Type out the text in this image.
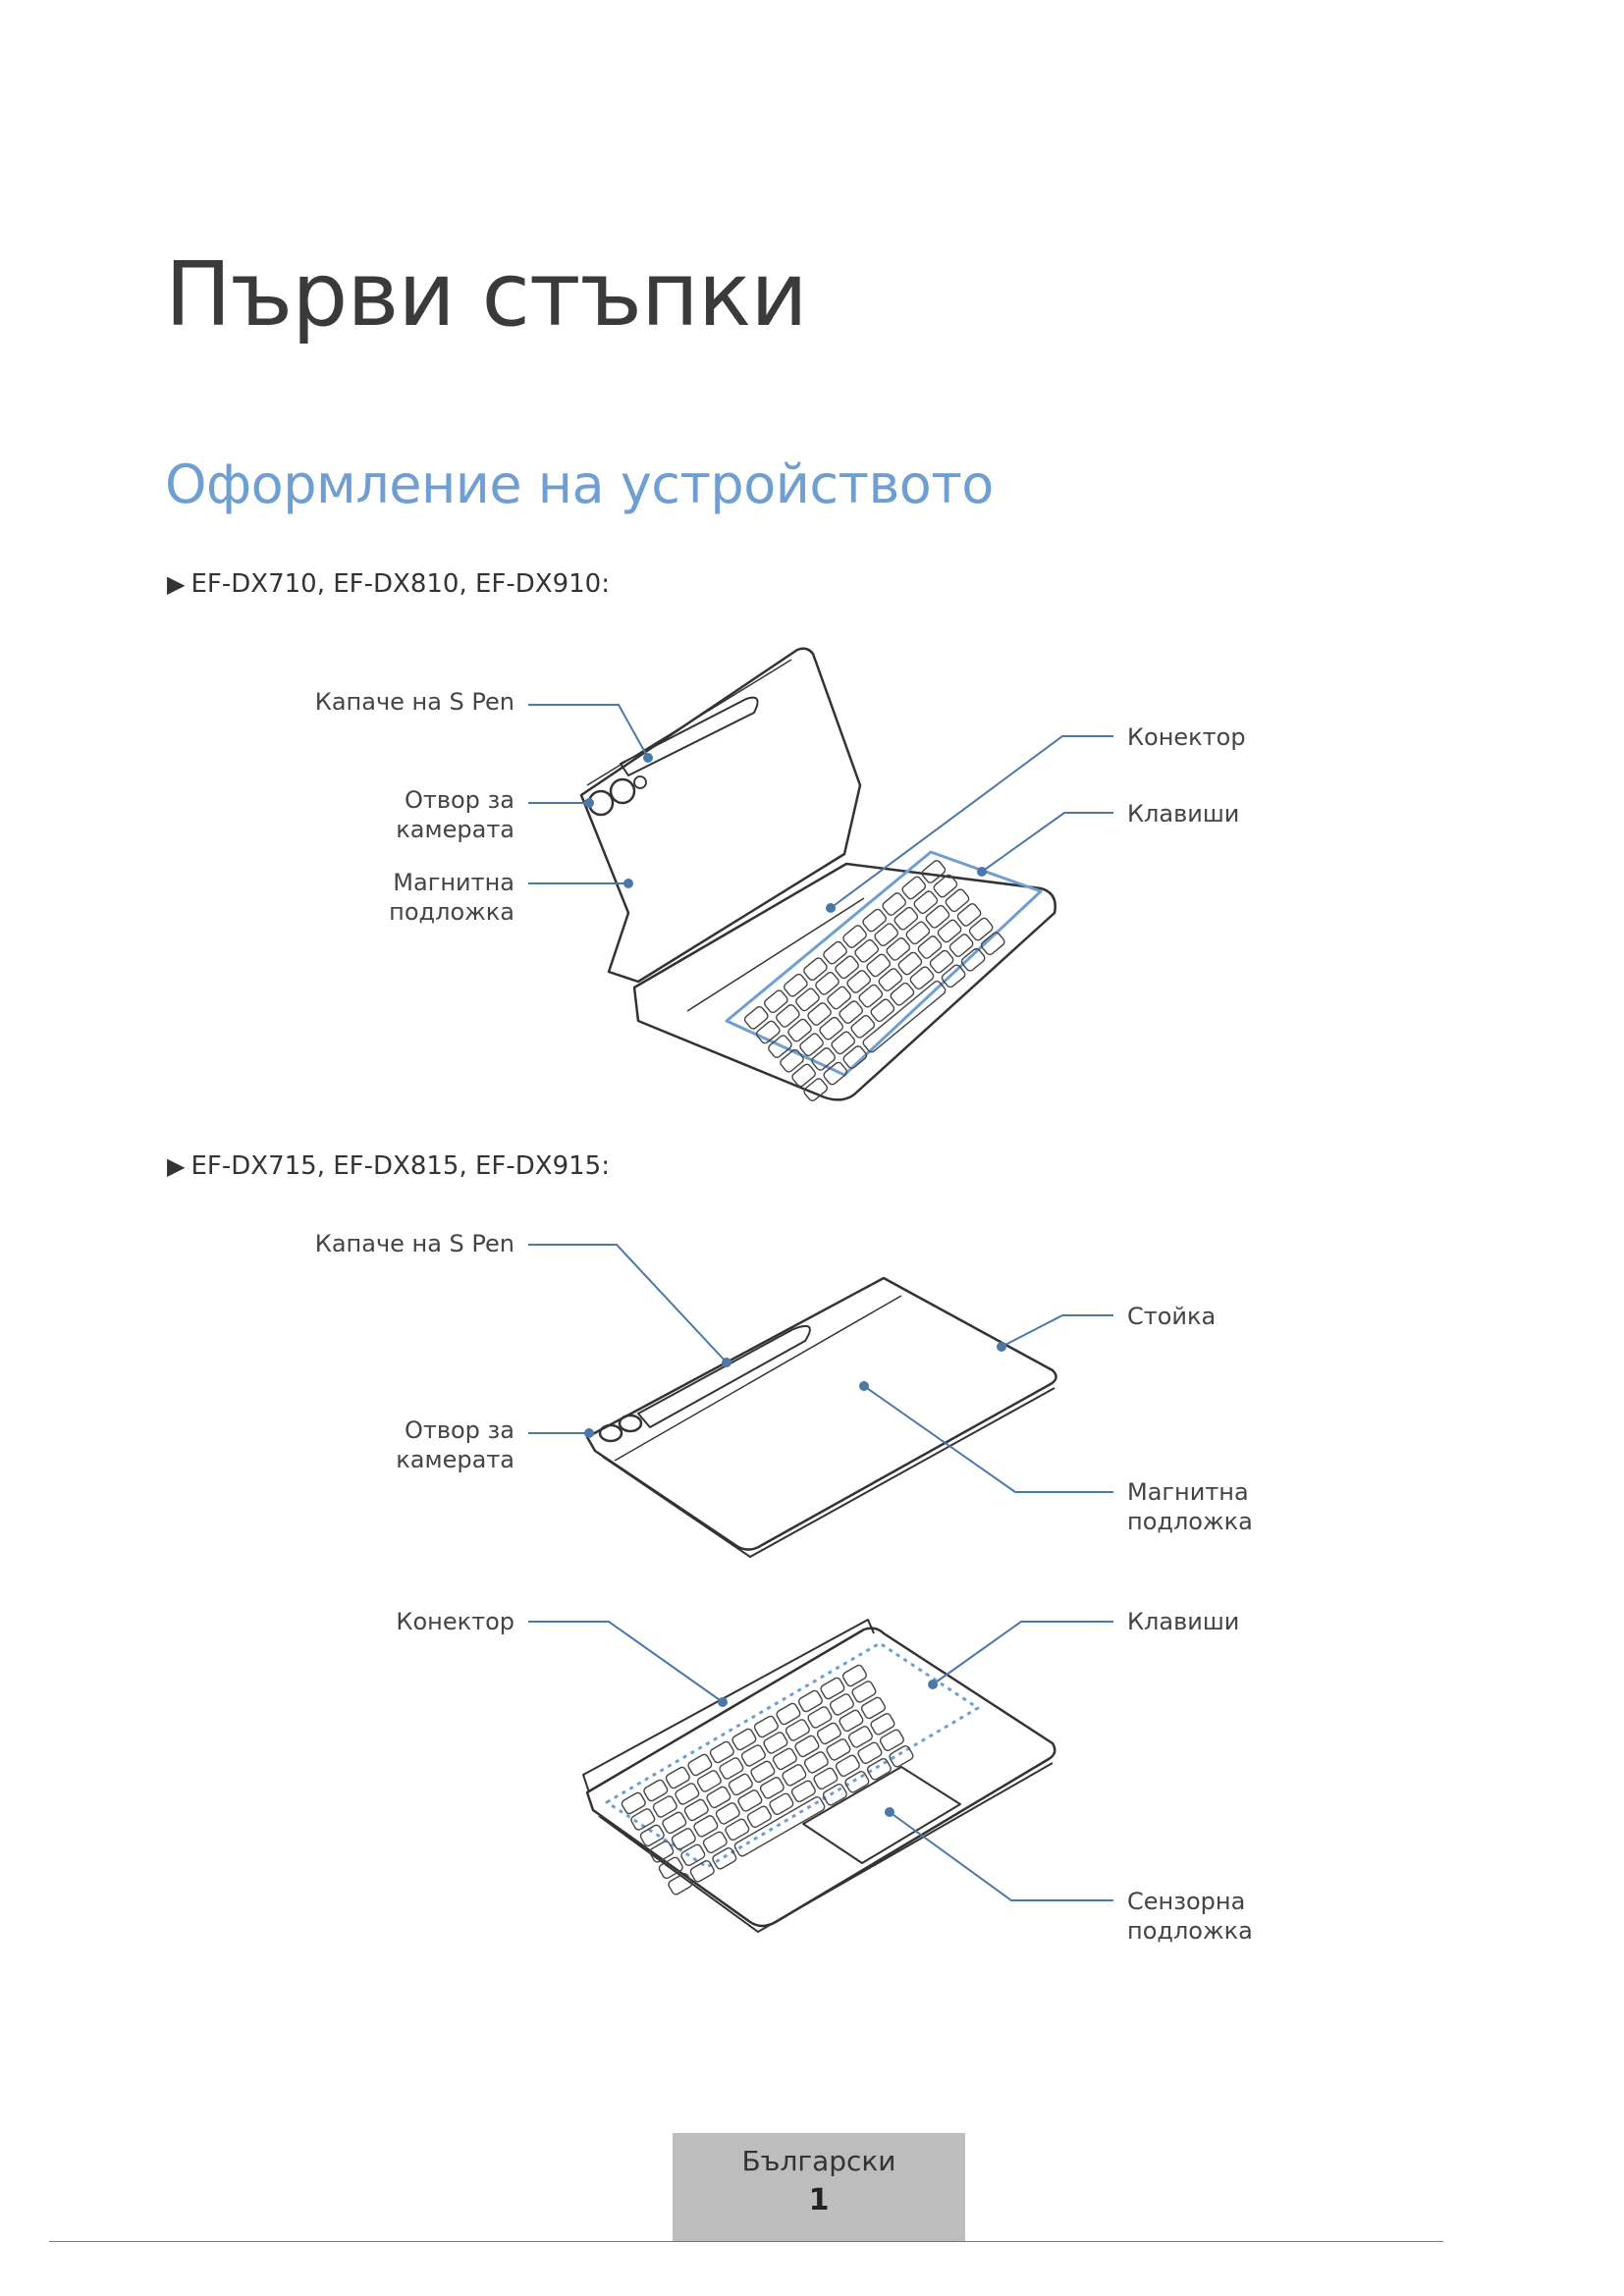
Първи стъпки
Оформление на устройството
▶ EF-DX710, EF-DX810, EF-DX910:
Капаче на S Pen
Отвор за
камерата
Магнитна
подложка
Конектор
Клавиши
▶ EF-DX715, EF-DX815, EF-DX915:
Капаче на S Pen
Отвор за
камерата
Стойка
Магнитна
подложка
Конектор	Клавиши
Сензорна
подложка
Български
1
